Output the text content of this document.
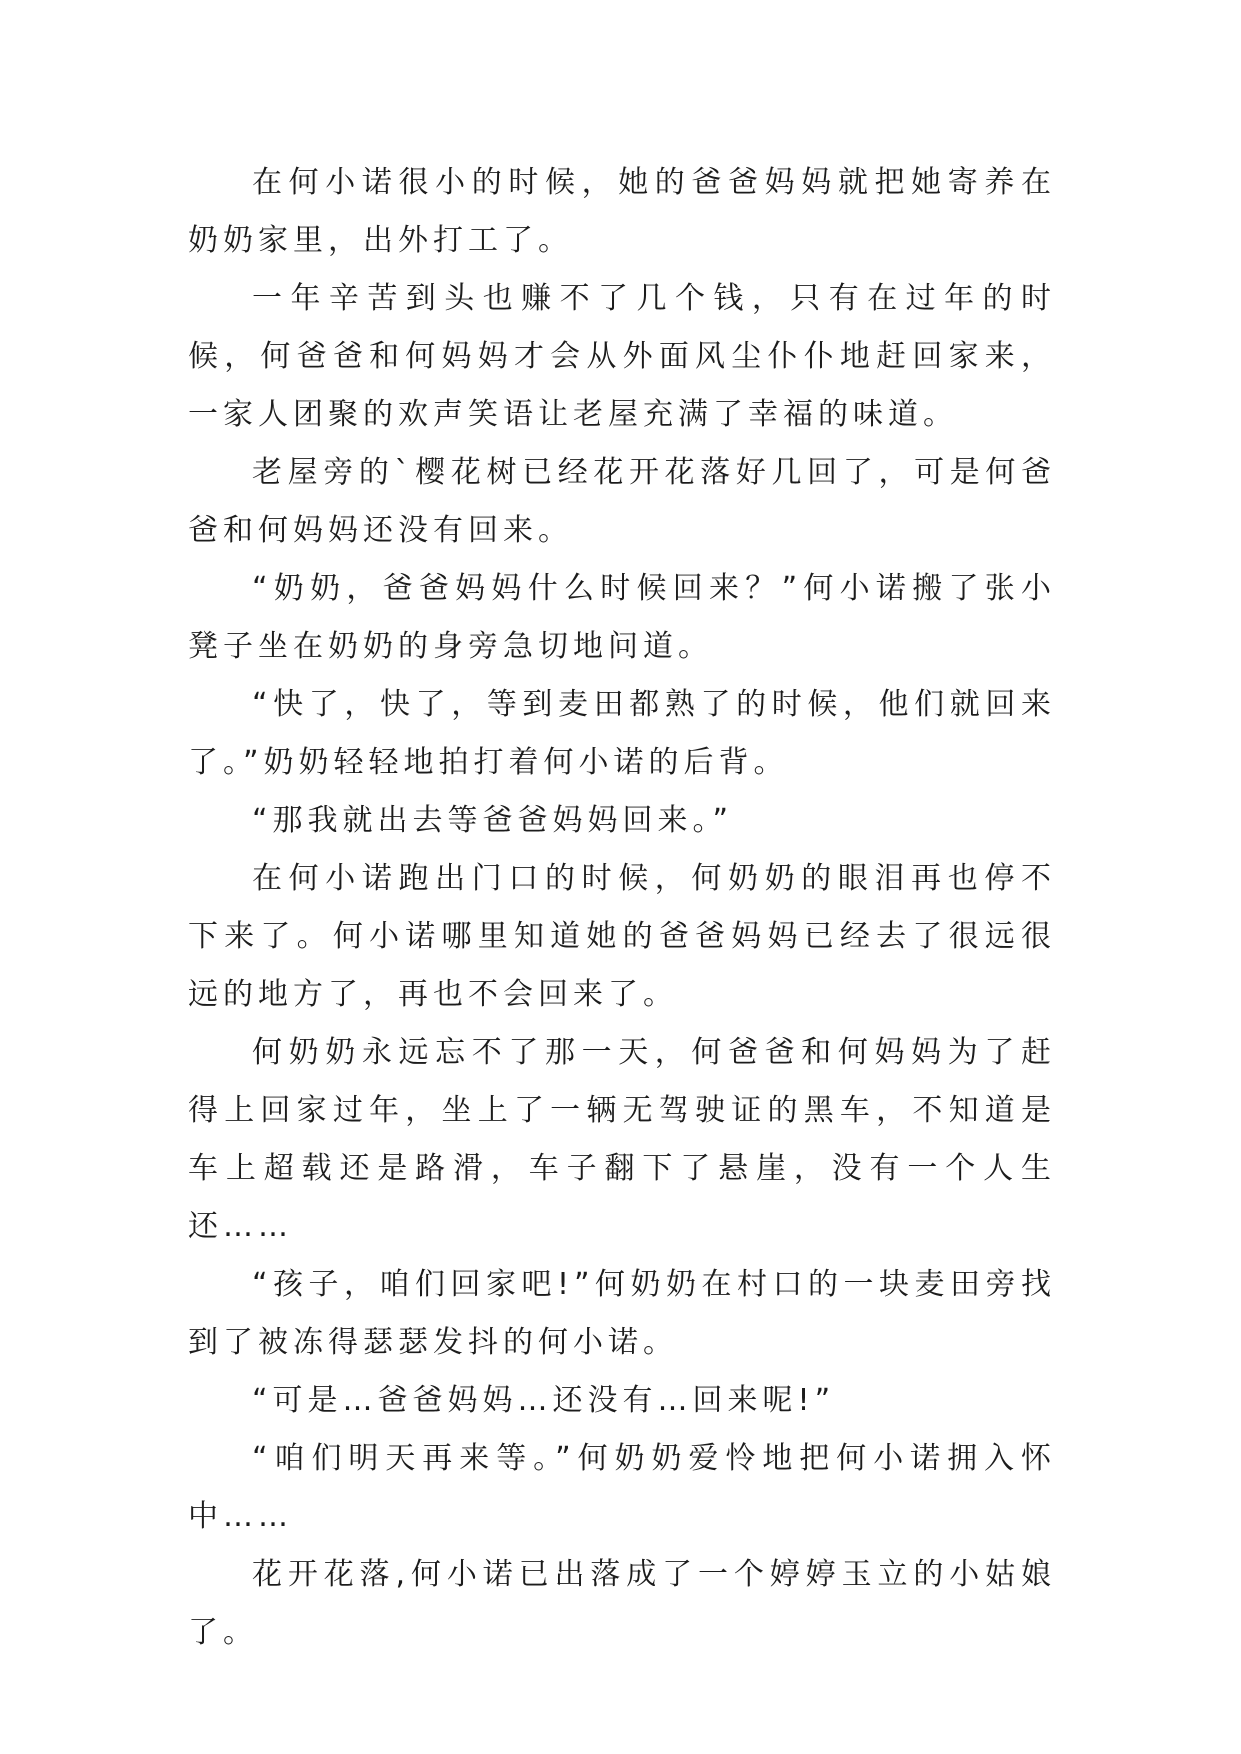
在何小诺很小的时候，她的爸爸妈妈就把她寄养在奶奶家里，出外打工了。

一年辛苦到头也赚不了几个钱，只有在过年的时候，何爸爸和何妈妈才会从外面风尘仆仆地赶回家来，一家人团聚的欢声笑语让老屋充满了幸福的味道。

老屋旁的`樱花树已经花开花落好几回了，可是何爸爸和何妈妈还没有回来。

“奶奶，爸爸妈妈什么时候回来？”何小诺搬了张小凳子坐在奶奶的身旁急切地问道。

“快了，快了，等到麦田都熟了的时候，他们就回来了。”奶奶轻轻地拍打着何小诺的后背。

“那我就出去等爸爸妈妈回来。”

在何小诺跑出门口的时候，何奶奶的眼泪再也停不下来了。何小诺哪里知道她的爸爸妈妈已经去了很远很远的地方了，再也不会回来了。

何奶奶永远忘不了那一天，何爸爸和何妈妈为了赶得上回家过年，坐上了一辆无驾驶证的黑车，不知道是车上超载还是路滑，车子翻下了悬崖，没有一个人生还……

“孩子，咱们回家吧!”何奶奶在村口的一块麦田旁找到了被冻得瑟瑟发抖的何小诺。

“可是…爸爸妈妈…还没有…回来呢!”

“咱们明天再来等。”何奶奶爱怜地把何小诺拥入怀中……

花开花落,何小诺已出落成了一个婷婷玉立的小姑娘了。
